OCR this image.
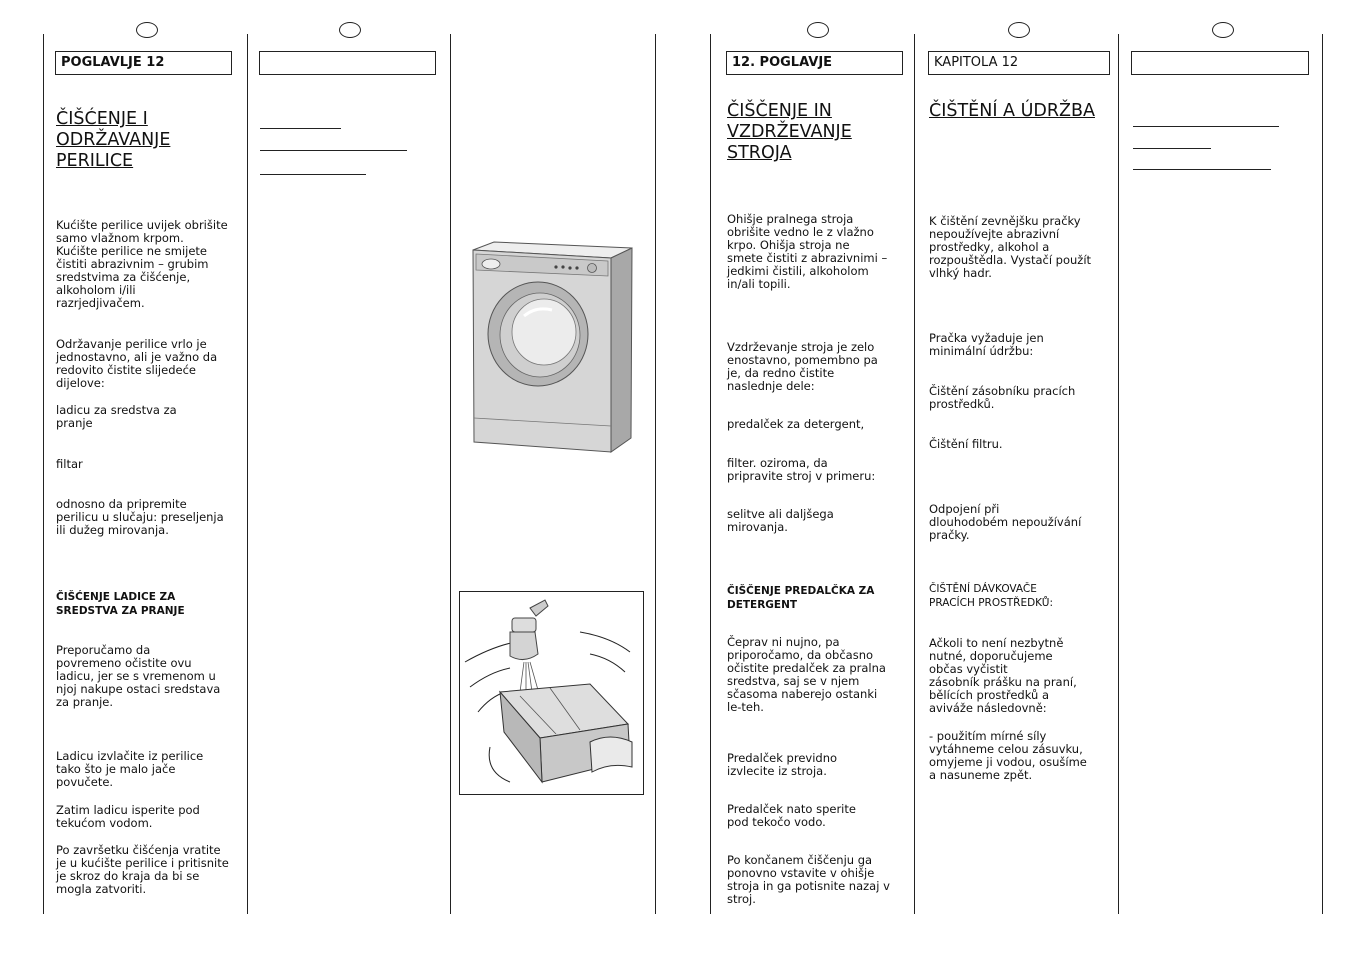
POGLAVLJE 12
ČIŠĆENJE I
ODRŽAVANJE
PERILICE
Kućište perilice uvijek obrišite
samo vlažnom krpom.
Kućište perilice ne smijete
čistiti abrazivnim – grubim
sredstvima za čišćenje,
alkoholom i/ili
razrjedjivačem.
Održavanje perilice vrlo je
jednostavno, ali je važno da
redovito čistite slijedeće
dijelove:
ladicu za sredstva za
pranje
filtar
odnosno da pripremite
perilicu u slučaju: preseljenja
ili dužeg mirovanja.
ČIŠĆENJE LADICE ZA
SREDSTVA ZA PRANJE
Preporučamo da
povremeno očistite ovu
ladicu, jer se s vremenom u
njoj nakupe ostaci sredstava
za pranje.
Ladicu izvlačite iz perilice
tako što je malo jače
povučete.
Zatim ladicu isperite pod
tekućom vodom.
Po završetku čišćenja vratite
je u kućište perilice i pritisnite
je skroz do kraja da bi se
mogla zatvoriti.
12. POGLAVJE
ČIŠČENJE IN
VZDRŽEVANJE
STROJA
Ohišje pralnega stroja
obrišite vedno le z vlažno
krpo. Ohišja stroja ne
smete čistiti z abrazivnimi –
jedkimi čistili, alkoholom
in/ali topili.
Vzdrževanje stroja je zelo
enostavno, pomembno pa
je, da redno čistite
naslednje dele:
predalček za detergent,
filter. oziroma, da
pripravite stroj v primeru:
selitve ali daljšega
mirovanja.
ČIŠČENJE PREDALČKA ZA
DETERGENT
Čeprav ni nujno, pa
priporočamo, da občasno
očistite predalček za pralna
sredstva, saj se v njem
sčasoma naberejo ostanki
le-teh.
Predalček previdno
izvlecite iz stroja.
Predalček nato sperite
pod tekočo vodo.
Po končanem čiščenju ga
ponovno vstavite v ohišje
stroja in ga potisnite nazaj v
stroj.
KAPITOLA 12
ČIŠTĚNÍ A ÚDRŽBA
K čištění zevnějšku pračky
nepoužívejte abrazivní
prostředky, alkohol a
rozpouštědla. Vystačí použít
vlhký hadr.
Pračka vyžaduje jen
minimální údržbu:
Čištění zásobníku pracích
prostředků.
Čištění filtru.
Odpojení při
dlouhodobém nepoužívání
pračky.
ČIŠTĚNÍ DÁVKOVAČE
PRACÍCH PROSTŘEDKŮ:
Ačkoli to není nezbytně
nutné, doporučujeme
občas vyčistit
zásobník prášku na praní,
bělících prostředků a
aviváže následovně:
- použitím mírné síly
vytáhneme celou zásuvku,
omyjeme ji vodou, osušíme
a nasuneme zpět.
